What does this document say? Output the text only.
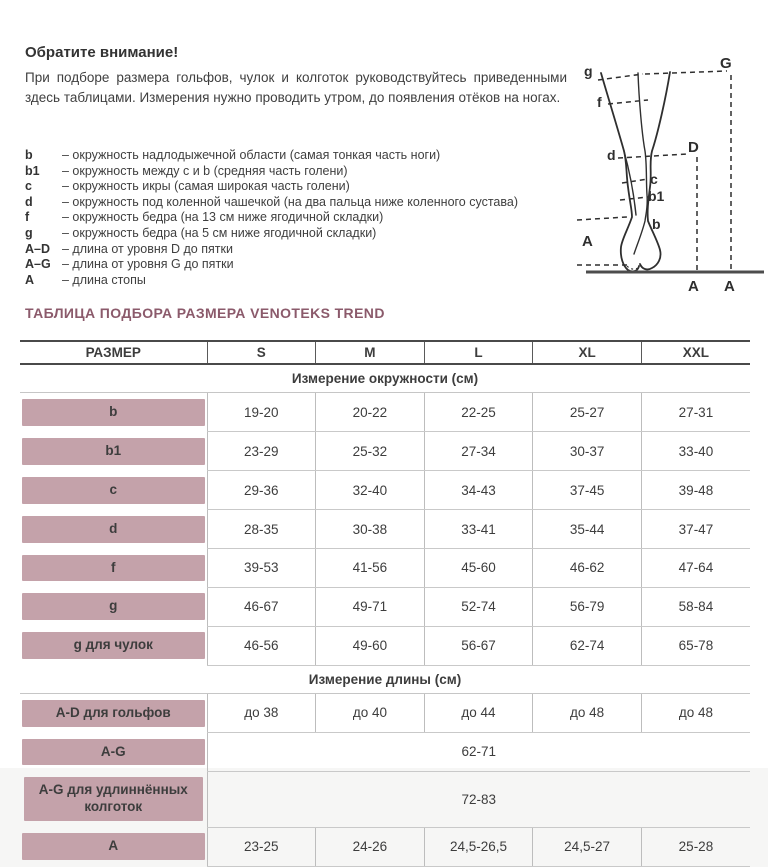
Обратите внимание!

При подборе размера гольфов, чулок и колготок руководствуйтесь приведенными здесь таблицами. Измерения нужно проводить утром, до появления отёков на ногах.

b	– окружность надлодыжечной области (самая тонкая часть ноги)
b1	– окружность между c и b (средняя часть голени)
c	– окружность икры (самая широкая часть голени)
d	– окружность под коленной чашечкой (на два пальца ниже коленного сустава)
f	– окружность бедра (на 13 см ниже ягодичной складки)
g	– окружность бедра (на 5 см ниже ягодичной складки)
A–D – длина от уровня D до пятки
A–G – длина от уровня G до пятки
A	– длина стопы
g	G
f
d	D
c
b1
b
A
A A
ТАБЛИЦА ПОДБОРА РАЗМЕРА VENOTEKS TREND
РАЗМЕР	S	M	L	XL	XXL
Измерение окружности (см)					

b	19-20	20-22	22-25	25-27	27-31

b1	23-29	25-32	27-34	30-37	33-40

c	29-36	32-40	34-43	37-45	39-48

d	28-35	30-38	33-41	35-44	37-47

f	39-53	41-56	45-60	46-62	47-64

g	46-67	49-71	52-74	56-79	58-84

g для чулок	46-56	49-60	56-67	62-74	65-78
Измерение длины (см)					

A-D для гольфов	до 38	до 40	до 44	до 48	до 48

A-G	62-71				

A-G для удлиннённых колготок	72-83				

A	23-25	24-26	24,5-26,5	24,5-27	25-28
